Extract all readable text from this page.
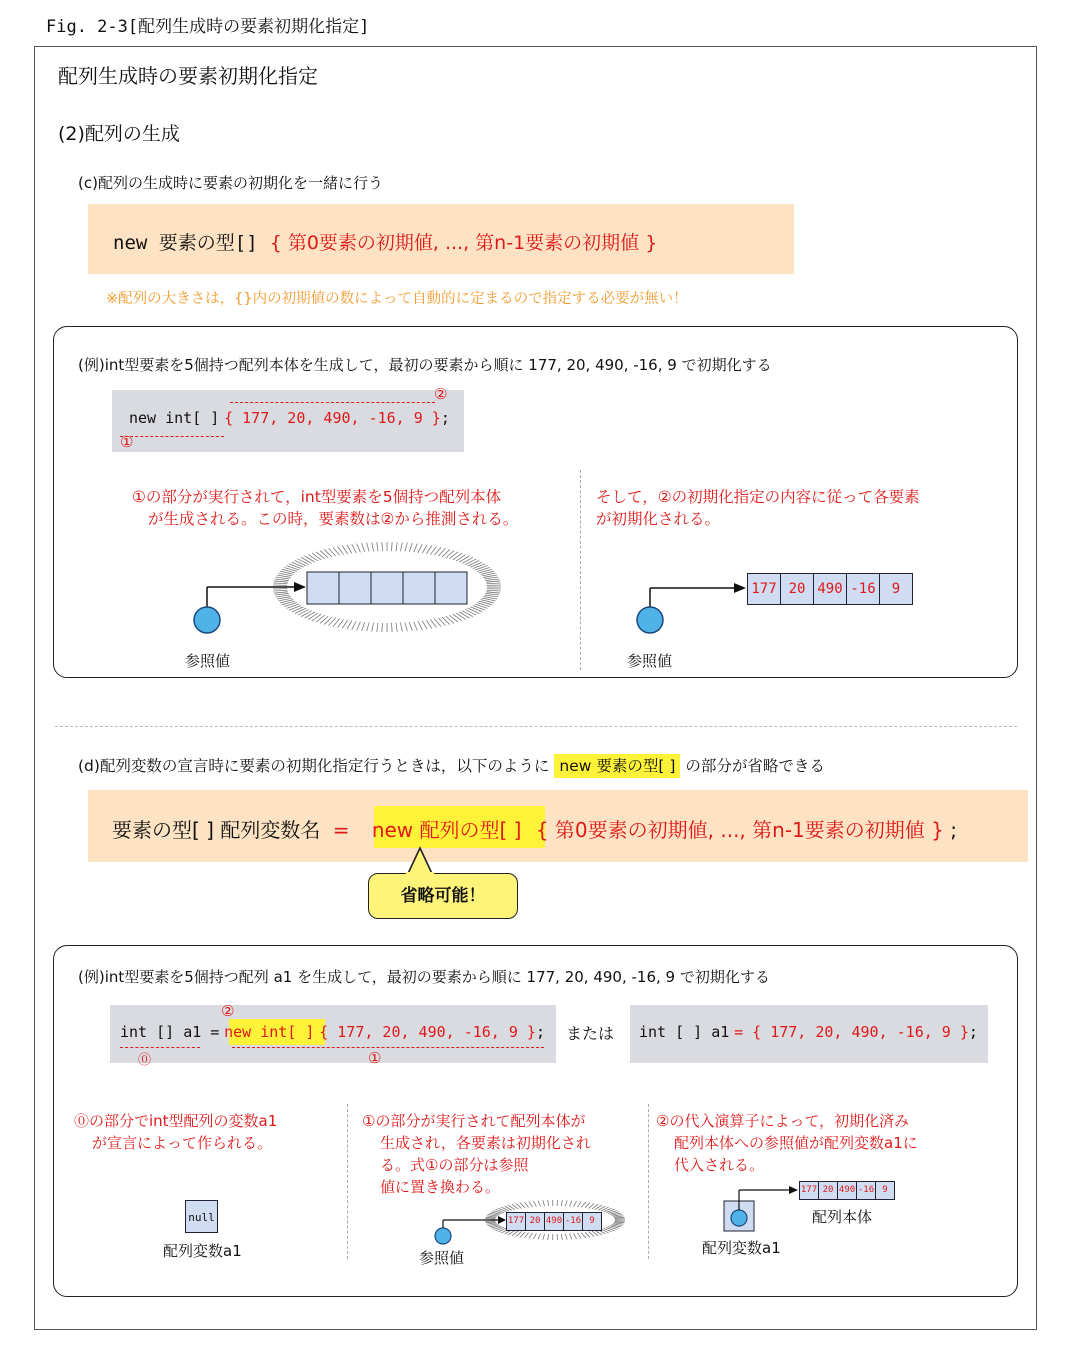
Fig. 2-3[配列生成時の要素初期化指定]
配列生成時の要素初期化指定
(2)配列の生成
(c)配列の生成時に要素の初期化を一緒に行う
new 要素の型[] { 第0要素の初期値, ..., 第n-1要素の初期値 }
※配列の大きさは，{}内の初期値の数によって自動的に定まるので指定する必要が無い！
(例)int型要素を5個持つ配列本体を生成して，最初の要素から順に 177, 20, 490, -16, 9 で初期化する
②
new int[ ] { 177, 20, 490, -16, 9 };
①
①の部分が実行されて，int型要素を5個持つ配列本体
が生成される。この時，要素数は②から推測される。
そして，②の初期化指定の内容に従って各要素
が初期化される。
参照値
177 20 490 -16	9
参照値
(d)配列変数の宣言時に要素の初期化指定行うときは，以下のように new 要素の型[ ] の部分が省略できる
要素の型[ ] 配列変数名 = new 配列の型[ ] { 第0要素の初期値, ..., 第n-1要素の初期値 } ;
省略可能！
(例)int型要素を5個持つ配列 a1 を生成して，最初の要素から順に 177, 20, 490, -16, 9 で初期化する
②
int [] a1 = new int[ ] { 177, 20, 490, -16, 9 };
⓪	①
または int [ ] a1 = { 177, 20, 490, -16, 9 };
⓪の部分でint型配列の変数a1
が宣言によって作られる。
null
配列変数a1
①の部分が実行されて配列本体が
生成され，各要素は初期化され
る。式①の部分は参照
値に置き換わる。
177 20 490 -16 9
参照値
②の代入演算子によって，初期化済み
配列本体への参照値が配列変数a1に
代入される。
177 20 490 -16 9
配列本体
配列変数a1
